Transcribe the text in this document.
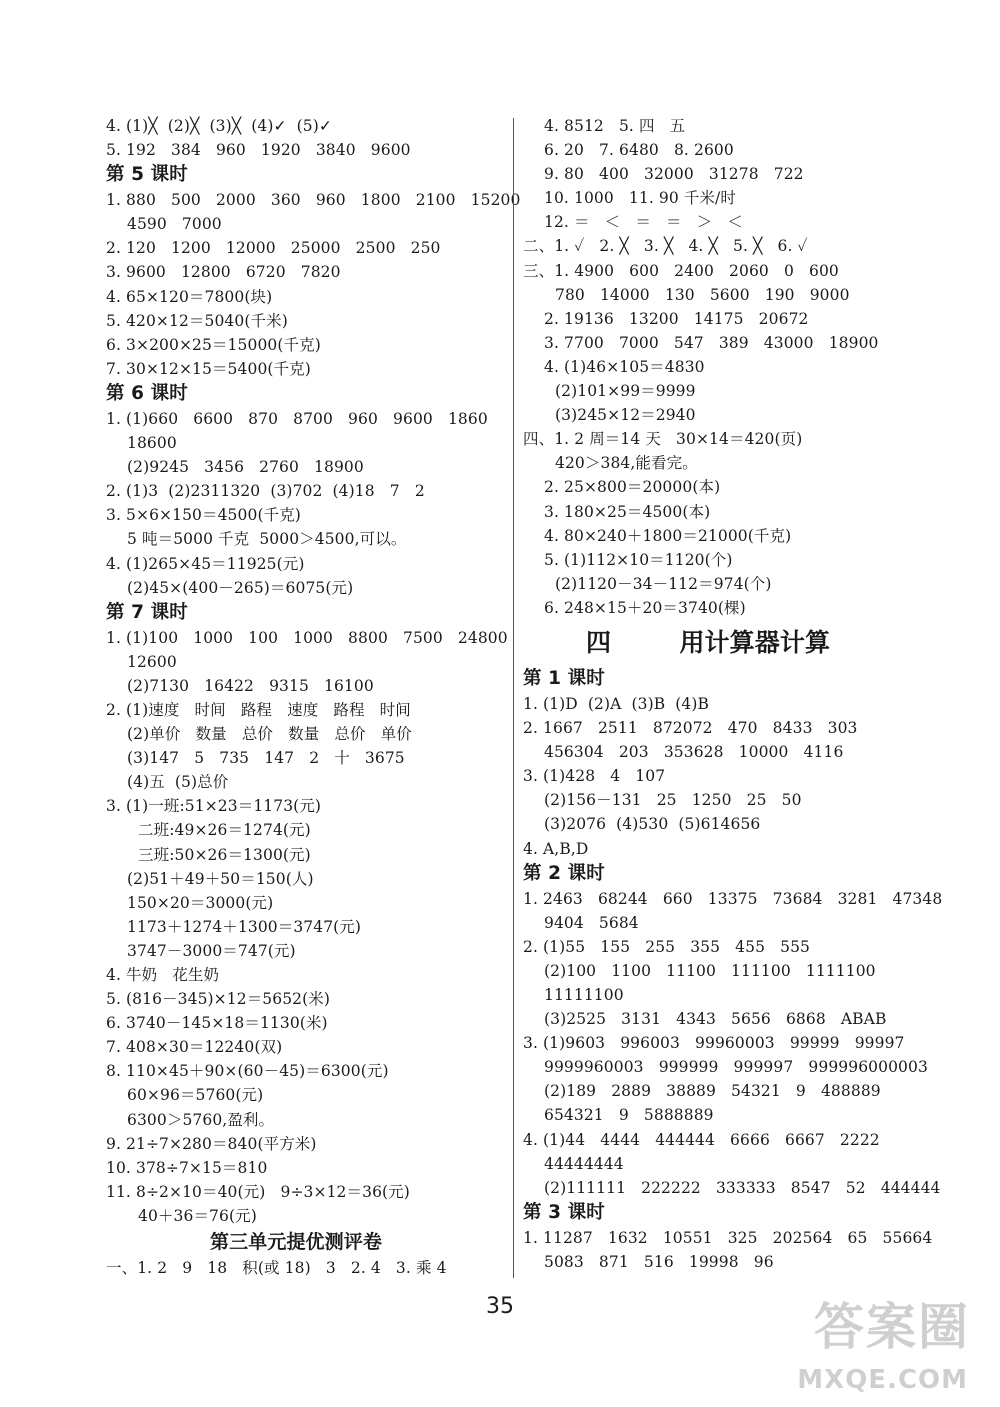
4. (1)╳  (2)╳  (3)╳  (4)✓  (5)✓
5. 192   384   960   1920   3840   9600
第 5 课时
1. 880   500   2000   360   960   1800   2100   15200
4590   7000
2. 120   1200   12000   25000   2500   250
3. 9600   12800   6720   7820
4. 65×120＝7800(块)
5. 420×12＝5040(千米)
6. 3×200×25＝15000(千克)
7. 30×12×15＝5400(千克)
第 6 课时
1. (1)660   6600   870   8700   960   9600   1860
18600
(2)9245   3456   2760   18900
2. (1)3  (2)2311320  (3)702  (4)18   7   2
3. 5×6×150＝4500(千克)
5 吨＝5000 千克  5000＞4500,可以。
4. (1)265×45＝11925(元)
(2)45×(400－265)＝6075(元)
第 7 课时
1. (1)100   1000   100   1000   8800   7500   24800
12600
(2)7130   16422   9315   16100
2. (1)速度   时间   路程   速度   路程   时间
(2)单价   数量   总价   数量   总价   单价
(3)147   5   735   147   2   十   3675
(4)五  (5)总价
3. (1)一班:51×23＝1173(元)
二班:49×26＝1274(元)
三班:50×26＝1300(元)
(2)51＋49＋50＝150(人)
150×20＝3000(元)
1173＋1274＋1300＝3747(元)
3747－3000＝747(元)
4. 牛奶   花生奶
5. (816－345)×12＝5652(米)
6. 3740－145×18＝1130(米)
7. 408×30＝12240(双)
8. 110×45＋90×(60－45)＝6300(元)
60×96＝5760(元)
6300＞5760,盈利。
9. 21÷7×280＝840(平方米)
10. 378÷7×15＝810
11. 8÷2×10＝40(元)   9÷3×12＝36(元)
40＋36＝76(元)
第三单元提优测评卷
一、1. 2   9   18   积(或 18)   3   2. 4   3. 乘 4
4. 8512   5. 四   五
6. 20   7. 6480   8. 2600
9. 80   400   32000   31278   722
10. 1000   11. 90 千米/时
12. ＝   ＜   ＝   ＝   ＞   ＜
二、1. ✓   2. ╳   3. ╳   4. ╳   5. ╳   6. ✓
三、1. 4900   600   2400   2060   0   600
780   14000   130   5600   190   9000
2. 19136   13200   14175   20672
3. 7700   7000   547   389   43000   18900
4. (1)46×105＝4830
(2)101×99＝9999
(3)245×12＝2940
四、1. 2 周＝14 天   30×14＝420(页)
420＞384,能看完。
2. 25×800＝20000(本)
3. 180×25＝4500(本)
4. 80×240＋1800＝21000(千克)
5. (1)112×10＝1120(个)
(2)1120－34－112＝974(个)
6. 248×15＋20＝3740(棵)
四   用计算器计算
第 1 课时
1. (1)D  (2)A  (3)B  (4)B
2. 1667   2511   872072   470   8433   303
456304   203   353628   10000   4116
3. (1)428   4   107
(2)156－131   25   1250   25   50
(3)2076  (4)530  (5)614656
4. A,B,D
第 2 课时
1. 2463   68244   660   13375   73684   3281   47348
9404   5684
2. (1)55   155   255   355   455   555
(2)100   1100   11100   111100   1111100
11111100
(3)2525   3131   4343   5656   6868   ABAB
3. (1)9603   996003   99960003   99999   99997
9999960003   999999   999997   999996000003
(2)189   2889   38889   54321   9   488889
654321   9   5888889
4. (1)44   4444   444444   6666   6667   2222
44444444
(2)111111   222222   333333   8547   52   444444
第 3 课时
1. 11287   1632   10551   325   202564   65   55664
5083   871   516   19998   96
35	答案圈
MXQE.COM
